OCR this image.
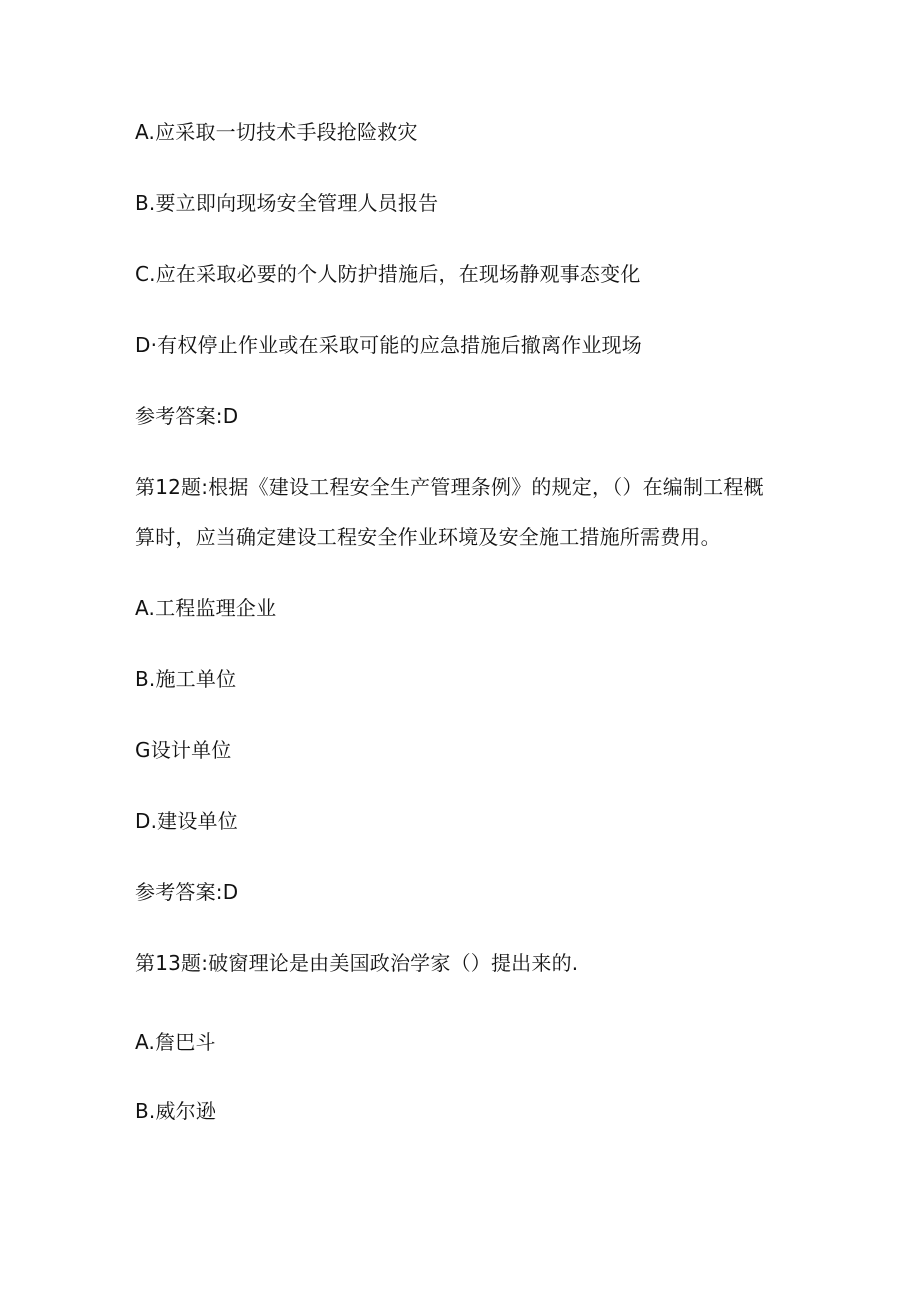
A.应采取一切技术手段抢险救灾
B.要立即向现场安全管理人员报告
C.应在采取必要的个人防护措施后，在现场静观事态变化
D·有权停止作业或在采取可能的应急措施后撤离作业现场
参考答案:D
第12题:根据《建设工程安全生产管理条例》的规定，（）在编制工程概
算时，应当确定建设工程安全作业环境及安全施工措施所需费用。
A.工程监理企业
B.施工单位
G设计单位
D.建设单位
参考答案:D
第13题:破窗理论是由美国政治学家（）提出来的.
A.詹巴斗
B.威尔逊
